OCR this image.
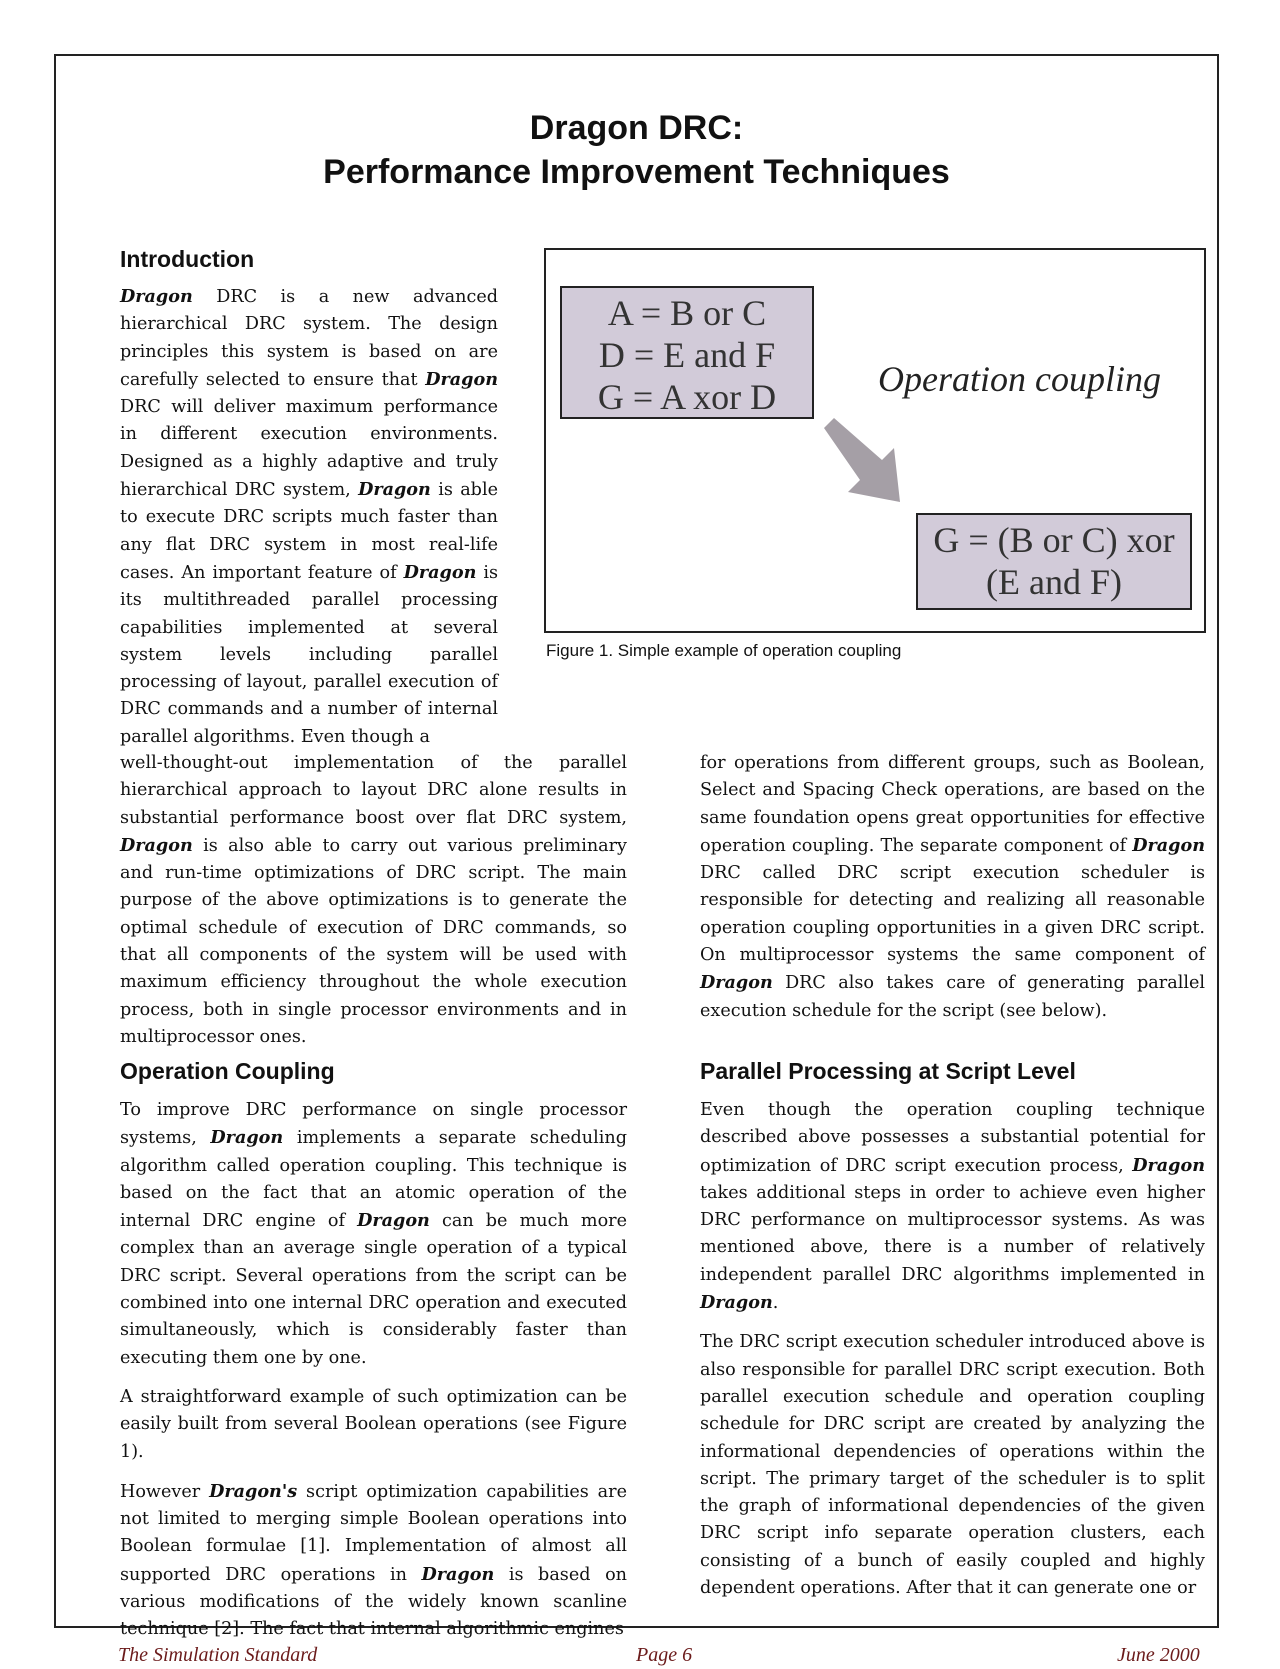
Dragon DRC:
Performance Improvement Techniques
Introduction

Dragon DRC is a new advanced hierarchical DRC system. The design principles this system is based on are carefully selected to ensure that Dragon DRC will deliver maximum performance in different execution environments. Designed as a highly adaptive and truly hierarchical DRC system, Dragon is able to execute DRC scripts much faster than any flat DRC system in most real-life cases. An important feature of Dragon is its multithreaded parallel processing capabilities implemented at several system levels including parallel processing of layout, parallel execution of DRC commands and a number of internal parallel algorithms. Even though a

A = B or C
D = E and F
G = A xor D	Operation coupling
G = (B or C) xor
(E and F)
Figure 1. Simple example of operation coupling

well-thought-out implementation of the parallel hierarchical approach to layout DRC alone results in substantial performance boost over flat DRC system, Dragon is also able to carry out various preliminary and run-time optimizations of DRC script. The main purpose of the above optimizations is to generate the optimal schedule of execution of DRC commands, so that all components of the system will be used with maximum efficiency throughout the whole execution process, both in single processor environments and in multiprocessor ones.

for operations from different groups, such as Boolean, Select and Spacing Check operations, are based on the same foundation opens great opportunities for effective operation coupling. The separate component of Dragon DRC called DRC script execution scheduler is responsible for detecting and realizing all reasonable operation coupling opportunities in a given DRC script. On multiprocessor systems the same component of Dragon DRC also takes care of generating parallel execution schedule for the script (see below).

Operation Coupling

To improve DRC performance on single processor systems, Dragon implements a separate scheduling algorithm called operation coupling. This technique is based on the fact that an atomic operation of the internal DRC engine of Dragon can be much more complex than an average single operation of a typical DRC script. Several operations from the script can be combined into one internal DRC operation and executed simultaneously, which is considerably faster than executing them one by one.

A straightforward example of such optimization can be easily built from several Boolean operations (see Figure 1).

However Dragon's script optimization capabilities are not limited to merging simple Boolean operations into Boolean formulae [1]. Implementation of almost all supported DRC operations in Dragon is based on various modifications of the widely known scanline technique [2]. The fact that internal algorithmic engines

Parallel Processing at Script Level

Even though the operation coupling technique described above possesses a substantial potential for optimization of DRC script execution process, Dragon takes additional steps in order to achieve even higher DRC performance on multiprocessor systems. As was mentioned above, there is a number of relatively independent parallel DRC algorithms implemented in Dragon.

The DRC script execution scheduler introduced above is also responsible for parallel DRC script execution. Both parallel execution schedule and operation coupling schedule for DRC script are created by analyzing the informational dependencies of operations within the script. The primary target of the scheduler is to split the graph of informational dependencies of the given DRC script info separate operation clusters, each consisting of a bunch of easily coupled and highly dependent operations. After that it can generate one or

The Simulation Standard	Page 6	June 2000
